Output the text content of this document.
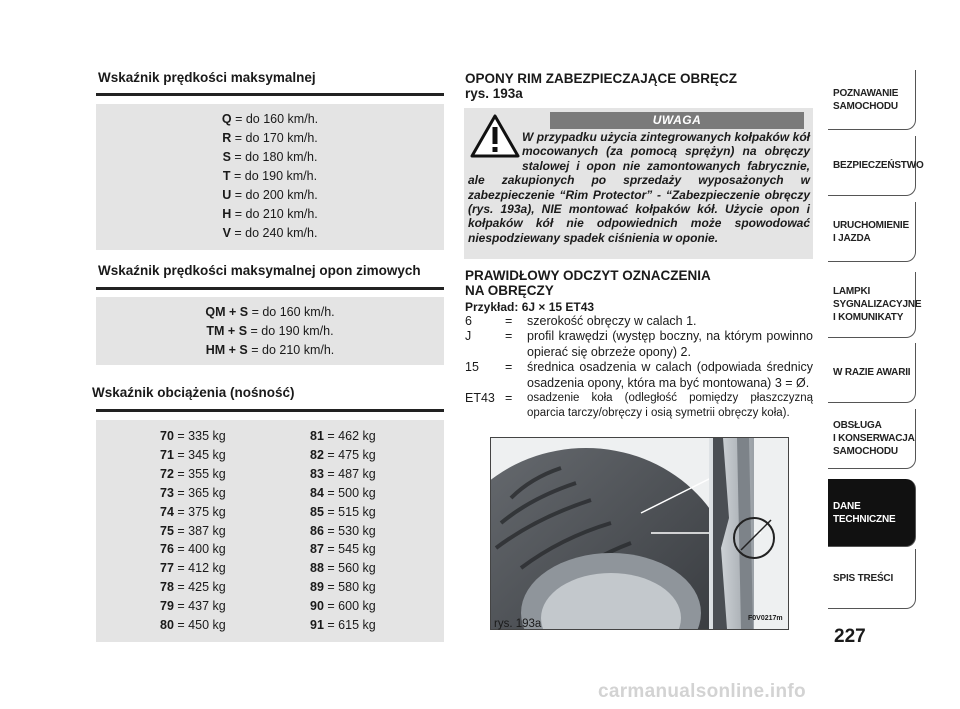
Wskaźnik prędkości maksymalnej
Q = do 160 km/h.
R = do 170 km/h.
S = do 180 km/h.
T = do 190 km/h.
U = do 200 km/h.
H = do 210 km/h.
V = do 240 km/h.
Wskaźnik prędkości maksymalnej opon zimowych
QM + S = do 160 km/h.
TM + S = do 190 km/h.
HM + S = do 210 km/h.
Wskaźnik obciążenia (nośność)
70 = 335 kg
71 = 345 kg
72 = 355 kg
73 = 365 kg
74 = 375 kg
75 = 387 kg
76 = 400 kg
77 = 412 kg
78 = 425 kg
79 = 437 kg
80 = 450 kg
81 = 462 kg
82 = 475 kg
83 = 487 kg
84 = 500 kg
85 = 515 kg
86 = 530 kg
87 = 545 kg
88 = 560 kg
89 = 580 kg
90 = 600 kg
91 = 615 kg
OPONY RIM ZABEZPIECZAJĄCE OBRĘCZ
rys. 193a
UWAGA
W przypadku użycia zintegrowanych kołpaków kół mocowanych (za pomocą sprężyn) na obręczy stalowej i opon nie zamontowanych fabrycznie, ale zakupionych po sprzedaży wyposażonych w zabezpieczenie “Rim Protector” - “Zabezpieczenie obręczy (rys. 193a), NIE montować kołpaków kół. Użycie opon i kołpaków kół nie odpowiednich może spowodować niespodziewany spadek ciśnienia w oponie.
PRAWIDŁOWY ODCZYT OZNACZENIA
NA OBRĘCZY
Przykład: 6J × 15 ET43
6	=	szerokość obręczy w calach 1.
J	=	profil krawędzi (występ boczny, na którym powinno opierać się obrzeże opony) 2.
15	=	średnica osadzenia w calach (odpowiada średnicy osadzenia opony, która ma być montowana) 3 = Ø.
ET43 =	osadzenie koła (odległość pomiędzy płaszczyzną oparcia tarczy/obręczy i osią symetrii obręczy koła).
rys. 193a	F0V0217m
POZNAWANIE
SAMOCHODU
BEZPIECZEŃSTWO
URUCHOMIENIE
I JAZDA
LAMPKI
SYGNALIZACYJNE
I KOMUNIKATY
W RAZIE AWARII
OBSŁUGA
I KONSERWACJA
SAMOCHODU
DANE
TECHNICZNE
SPIS TREŚCI
227
carmanualsonline.info
